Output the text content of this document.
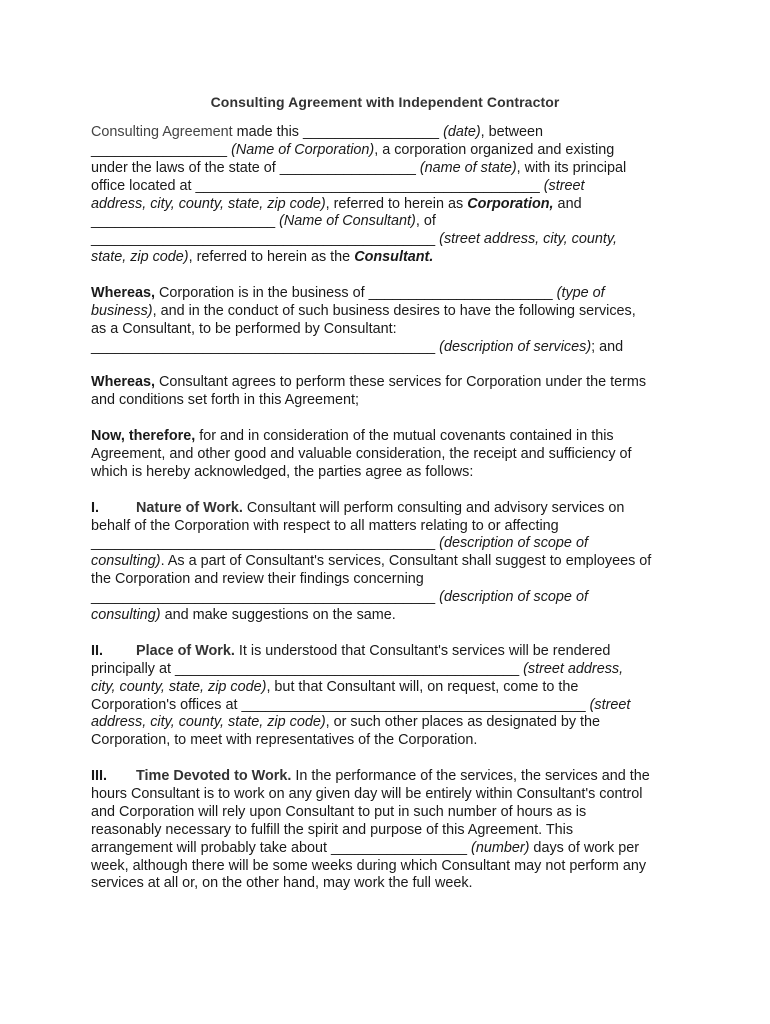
Consulting Agreement with Independent Contractor
Consulting Agreement made this _________________ (date), between
_________________ (Name of Corporation), a corporation organized and existing
under the laws of the state of _________________ (name of state), with its principal
office located at ___________________________________________ (street
address, city, county, state, zip code), referred to herein as Corporation, and
_______________________ (Name of Consultant), of
___________________________________________ (street address, city, county,
state, zip code), referred to herein as the Consultant.
Whereas, Corporation is in the business of _______________________ (type of
business), and in the conduct of such business desires to have the following services,
as a Consultant, to be performed by Consultant:
___________________________________________ (description of services); and
Whereas, Consultant agrees to perform these services for Corporation under the terms
and conditions set forth in this Agreement;
Now, therefore, for and in consideration of the mutual covenants contained in this
Agreement, and other good and valuable consideration, the receipt and sufficiency of
which is hereby acknowledged, the parties agree as follows:
I.	Nature of Work. Consultant will perform consulting and advisory services on
behalf of the Corporation with respect to all matters relating to or affecting
___________________________________________ (description of scope of
consulting). As a part of Consultant's services, Consultant shall suggest to employees of
the Corporation and review their findings concerning
___________________________________________ (description of scope of
consulting) and make suggestions on the same.
II. Place of Work. It is understood that Consultant's services will be rendered
principally at ___________________________________________ (street address,
city, county, state, zip code), but that Consultant will, on request, come to the
Corporation's offices at ___________________________________________ (street
address, city, county, state, zip code), or such other places as designated by the
Corporation, to meet with representatives of the Corporation.
III. Time Devoted to Work. In the performance of the services, the services and the
hours Consultant is to work on any given day will be entirely within Consultant's control
and Corporation will rely upon Consultant to put in such number of hours as is
reasonably necessary to fulfill the spirit and purpose of this Agreement. This
arrangement will probably take about _________________ (number) days of work per
week, although there will be some weeks during which Consultant may not perform any
services at all or, on the other hand, may work the full week.
